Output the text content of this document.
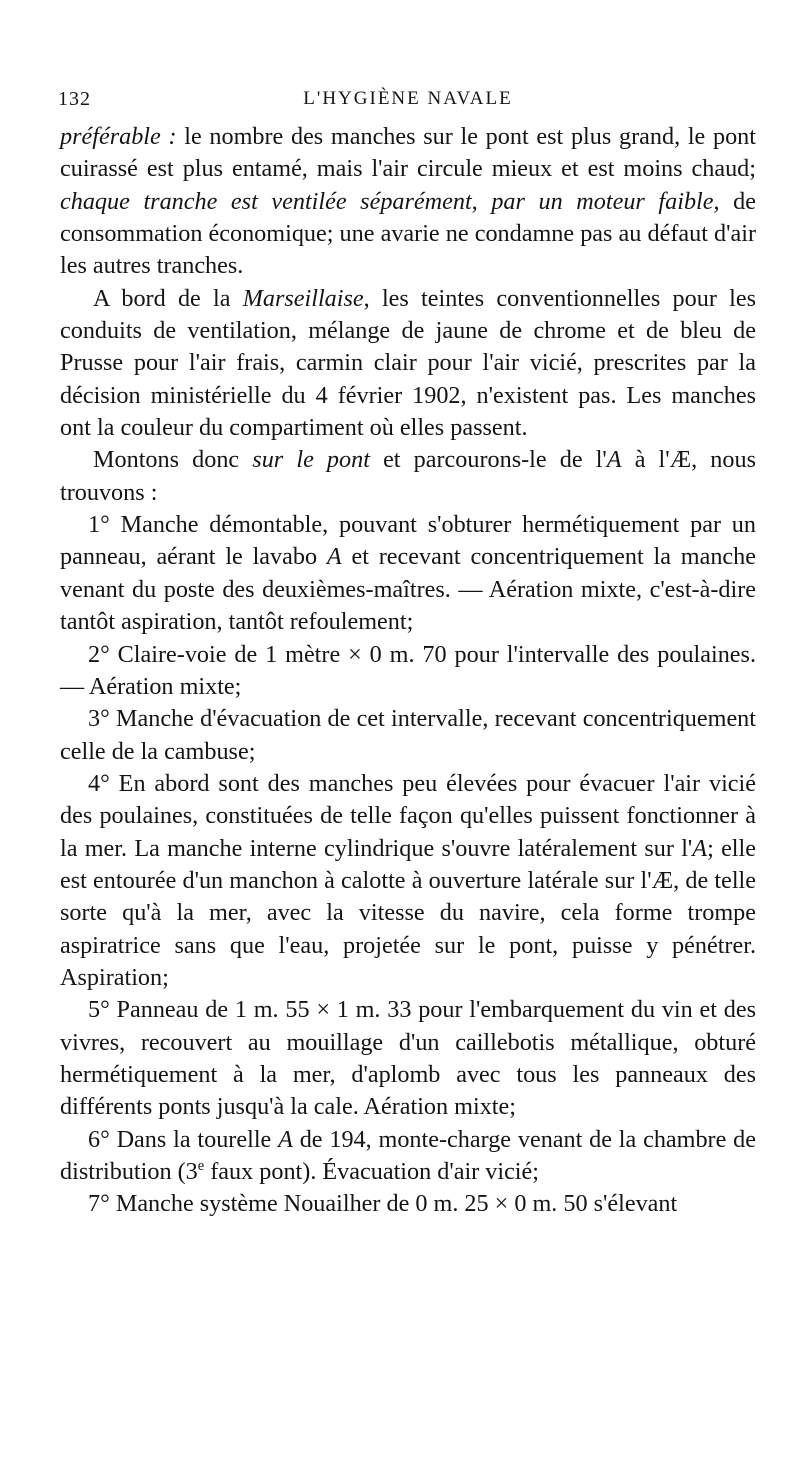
132	L'HYGIÈNE NAVALE

préférable : le nombre des manches sur le pont est plus grand, le pont cuirassé est plus entamé, mais l'air circule mieux et est moins chaud; chaque tranche est ventilée séparément, par un moteur faible, de consommation économique; une avarie ne condamne pas au défaut d'air les autres tranches.

A bord de la Marseillaise, les teintes conventionnelles pour les conduits de ventilation, mélange de jaune de chrome et de bleu de Prusse pour l'air frais, carmin clair pour l'air vicié, prescrites par la décision ministérielle du 4 février 1902, n'existent pas. Les manches ont la couleur du compartiment où elles passent.

Montons donc sur le pont et parcourons-le de l'A à l'Æ, nous trouvons :

1° Manche démontable, pouvant s'obturer hermétiquement par un panneau, aérant le lavabo A et recevant concentriquement la manche venant du poste des deuxièmes-maîtres. — Aération mixte, c'est-à-dire tantôt aspiration, tantôt refoulement;

2° Claire-voie de 1 mètre × 0 m. 70 pour l'intervalle des poulaines. — Aération mixte;

3° Manche d'évacuation de cet intervalle, recevant concentriquement celle de la cambuse;

4° En abord sont des manches peu élevées pour évacuer l'air vicié des poulaines, constituées de telle façon qu'elles puissent fonctionner à la mer. La manche interne cylindrique s'ouvre latéralement sur l'A; elle est entourée d'un manchon à calotte à ouverture latérale sur l'Æ, de telle sorte qu'à la mer, avec la vitesse du navire, cela forme trompe aspiratrice sans que l'eau, projetée sur le pont, puisse y pénétrer. Aspiration;

5° Panneau de 1 m. 55 × 1 m. 33 pour l'embarquement du vin et des vivres, recouvert au mouillage d'un caillebotis métallique, obturé hermétiquement à la mer, d'aplomb avec tous les panneaux des différents ponts jusqu'à la cale. Aération mixte;

6° Dans la tourelle A de 194, monte-charge venant de la chambre de distribution (3e faux pont). Évacuation d'air vicié;

7° Manche système Nouailher de 0 m. 25 × 0 m. 50 s'élevant
